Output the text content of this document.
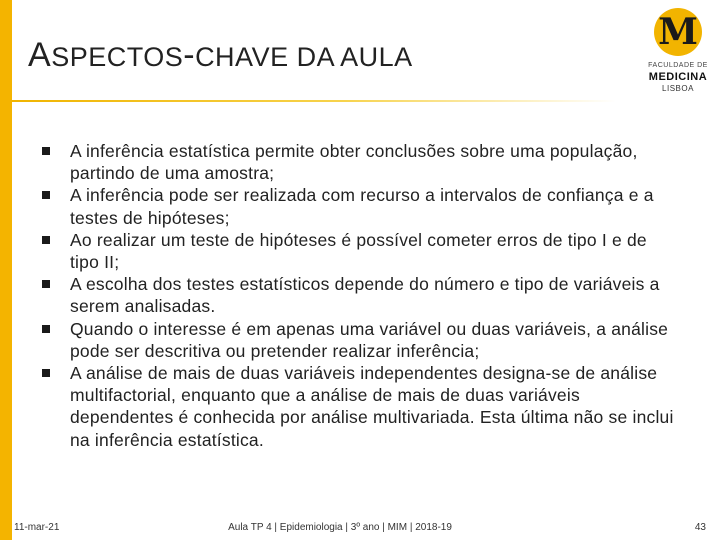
ASPECTOS-CHAVE DA AULA
M
FACULDADE DE
MEDICINA
LISBOA
A inferência estatística permite obter conclusões sobre uma população, partindo de uma amostra;
A inferência pode ser realizada com recurso a intervalos de confiança e a testes de hipóteses;
Ao realizar um teste de hipóteses é possível cometer erros de tipo I e de tipo II;
A escolha dos testes estatísticos depende do número e tipo de variáveis a serem analisadas.
Quando o interesse é em apenas uma variável ou duas variáveis, a análise pode ser descritiva ou pretender realizar inferência;
A análise de mais de duas variáveis independentes designa-se de análise multifactorial, enquanto que a análise de mais de duas variáveis dependentes é conhecida por análise multivariada. Esta última não se inclui na inferência estatística.
11-mar-21	Aula TP 4 | Epidemiologia | 3º ano | MIM | 2018-19	43
